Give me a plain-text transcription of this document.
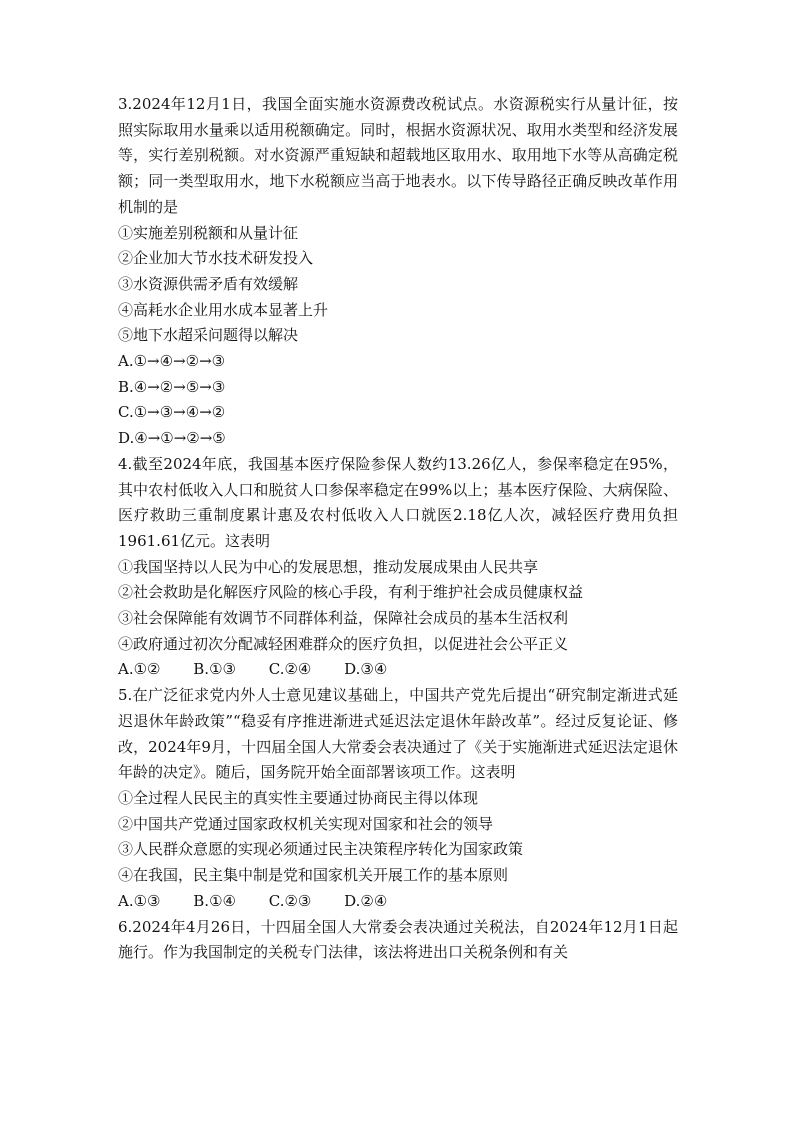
3.2024年12月1日，我国全面实施水资源费改税试点。水资源税实行从量计征，按照实际取用水量乘以适用税额确定。同时，根据水资源状况、取用水类型和经济发展等，实行差别税额。对水资源严重短缺和超载地区取用水、取用地下水等从高确定税额；同一类型取用水，地下水税额应当高于地表水。以下传导路径正确反映改革作用机制的是

①实施差别税额和从量计征

②企业加大节水技术研发投入

③水资源供需矛盾有效缓解

④高耗水企业用水成本显著上升

⑤地下水超采问题得以解决

A.①→④→②→③

B.④→②→⑤→③

C.①→③→④→②

D.④→①→②→⑤

4.截至2024年底，我国基本医疗保险参保人数约13.26亿人，参保率稳定在95%，其中农村低收入人口和脱贫人口参保率稳定在99%以上；基本医疗保险、大病保险、医疗救助三重制度累计惠及农村低收入人口就医2.18亿人次，减轻医疗费用负担1961.61亿元。这表明

①我国坚持以人民为中心的发展思想，推动发展成果由人民共享

②社会救助是化解医疗风险的核心手段，有利于维护社会成员健康权益

③社会保障能有效调节不同群体利益，保障社会成员的基本生活权利

④政府通过初次分配减轻困难群众的医疗负担，以促进社会公平正义

A.①② B.①③ C.②④ D.③④

5.在广泛征求党内外人士意见建议基础上，中国共产党先后提出“研究制定渐进式延迟退休年龄政策”“稳妥有序推进渐进式延迟法定退休年龄改革”。经过反复论证、修改，2024年9月，十四届全国人大常委会表决通过了《关于实施渐进式延迟法定退休年龄的决定》。随后，国务院开始全面部署该项工作。这表明

①全过程人民民主的真实性主要通过协商民主得以体现

②中国共产党通过国家政权机关实现对国家和社会的领导

③人民群众意愿的实现必须通过民主决策程序转化为国家政策

④在我国，民主集中制是党和国家机关开展工作的基本原则

A.①③ B.①④ C.②③ D.②④

6.2024年4月26日，十四届全国人大常委会表决通过关税法，自2024年12月1日起施行。作为我国制定的关税专门法律，该法将进出口关税条例和有关
